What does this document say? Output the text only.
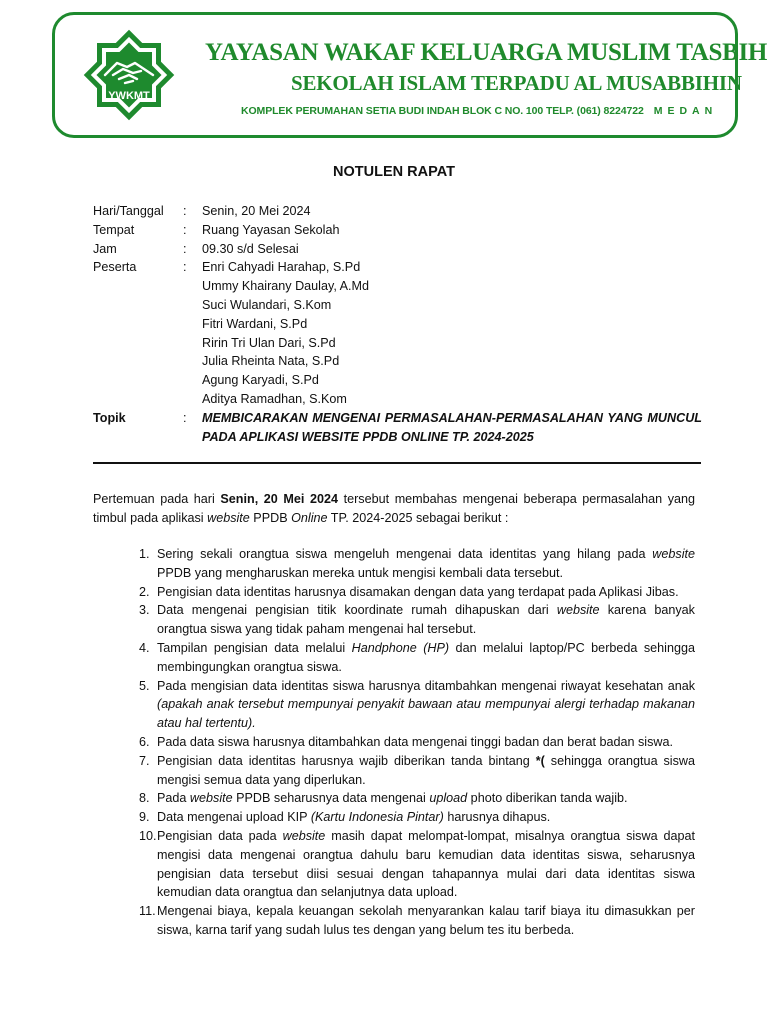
YWKMT
YAYASAN WAKAF KELUARGA MUSLIM TASBIH
SEKOLAH ISLAM TERPADU AL MUSABBIHIN
KOMPLEK PERUMAHAN SETIA BUDI INDAH BLOK C NO. 100 TELP. (061) 8224722 MEDAN
NOTULEN RAPAT
Hari/Tanggal	:	Senin, 20 Mei 2024
Tempat	:	Ruang Yayasan Sekolah
Jam	:	09.30 s/d Selesai
Peserta	:	Enri Cahyadi Harahap, S.Pd
Ummy Khairany Daulay, A.Md
Suci Wulandari, S.Kom
Fitri Wardani, S.Pd
Ririn Tri Ulan Dari, S.Pd
Julia Rheinta Nata, S.Pd
Agung Karyadi, S.Pd
Aditya Ramadhan, S.Kom
Topik	:	MEMBICARAKAN MENGENAI PERMASALAHAN-PERMASALAHAN YANG MUNCUL PADA APLIKASI WEBSITE PPDB ONLINE TP. 2024-2025

Pertemuan pada hari Senin, 20 Mei 2024 tersebut membahas mengenai beberapa permasalahan yang timbul pada aplikasi website PPDB Online TP. 2024-2025 sebagai berikut :

1. Sering sekali orangtua siswa mengeluh mengenai data identitas yang hilang pada website PPDB yang mengharuskan mereka untuk mengisi kembali data tersebut.
2. Pengisian data identitas harusnya disamakan dengan data yang terdapat pada Aplikasi Jibas.
3. Data mengenai pengisian titik koordinate rumah dihapuskan dari website karena banyak orangtua siswa yang tidak paham mengenai hal tersebut.
4. Tampilan pengisian data melalui Handphone (HP) dan melalui laptop/PC berbeda sehingga membingungkan orangtua siswa.
5. Pada mengisian data identitas siswa harusnya ditambahkan mengenai riwayat kesehatan anak (apakah anak tersebut mempunyai penyakit bawaan atau mempunyai alergi terhadap makanan atau hal tertentu).
6. Pada data siswa harusnya ditambahkan data mengenai tinggi badan dan berat badan siswa.
7. Pengisian data identitas harusnya wajib diberikan tanda bintang *( sehingga orangtua siswa mengisi semua data yang diperlukan.
8. Pada website PPDB seharusnya data mengenai upload photo diberikan tanda wajib.
9. Data mengenai upload KIP (Kartu Indonesia Pintar) harusnya dihapus.
10. Pengisian data pada website masih dapat melompat-lompat, misalnya orangtua siswa dapat mengisi data mengenai orangtua dahulu baru kemudian data identitas siswa, seharusnya pengisian data tersebut diisi sesuai dengan tahapannya mulai dari data identitas siswa kemudian data orangtua dan selanjutnya data upload.
11. Mengenai biaya, kepala keuangan sekolah menyarankan kalau tarif biaya itu dimasukkan per siswa, karna tarif yang sudah lulus tes dengan yang belum tes itu berbeda.
